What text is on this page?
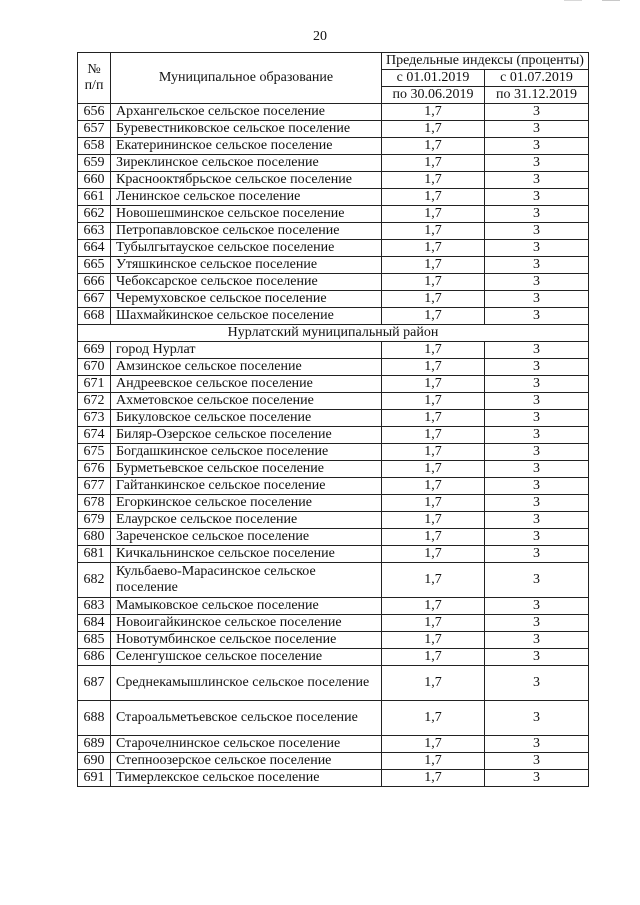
20
№
п/п	Муниципальное образование	Предельные индексы (проценты)	
		с 01.01.2019	с 01.07.2019
		по 30.06.2019	по 31.12.2019
656	Архангельское сельское поселение	1,7	3
657	Буревестниковское сельское поселение	1,7	3
658	Екатерининское сельское поселение	1,7	3
659	Зиреклинское сельское поселение	1,7	3
660	Краснооктябрьское сельское поселение	1,7	3
661	Ленинское сельское поселение	1,7	3
662	Новошешминское сельское поселение	1,7	3
663	Петропавловское сельское поселение	1,7	3
664	Тубылгытауское сельское поселение	1,7	3
665	Утяшкинское сельское поселение	1,7	3
666	Чебоксарское сельское поселение	1,7	3
667	Черемуховское сельское поселение	1,7	3
668	Шахмайкинское сельское поселение	1,7	3
Нурлатский муниципальный район			
669	город Нурлат	1,7	3
670	Амзинское сельское поселение	1,7	3
671	Андреевское сельское поселение	1,7	3
672	Ахметовское сельское поселение	1,7	3
673	Бикуловское сельское поселение	1,7	3
674	Биляр-Озерское сельское поселение	1,7	3
675	Богдашкинское сельское поселение	1,7	3
676	Бурметьевское сельское поселение	1,7	3
677	Гайтанкинское сельское поселение	1,7	3
678	Егоркинское сельское поселение	1,7	3
679	Елаурское сельское поселение	1,7	3
680	Зареченское сельское поселение	1,7	3
681	Кичкальнинское сельское поселение	1,7	3
682	Кульбаево-Марасинское сельское поселение	1,7	3
683	Мамыковское сельское поселение	1,7	3
684	Новоигайкинское сельское поселение	1,7	3
685	Новотумбинское сельское поселение	1,7	3
686	Селенгушское сельское поселение	1,7	3
687	Среднекамышлинское сельское поселение	1,7	3
688	Староальметьевское сельское поселение	1,7	3
689	Старочелнинское сельское поселение	1,7	3
690	Степноозерское сельское поселение	1,7	3
691	Тимерлекское сельское поселение	1,7	3
